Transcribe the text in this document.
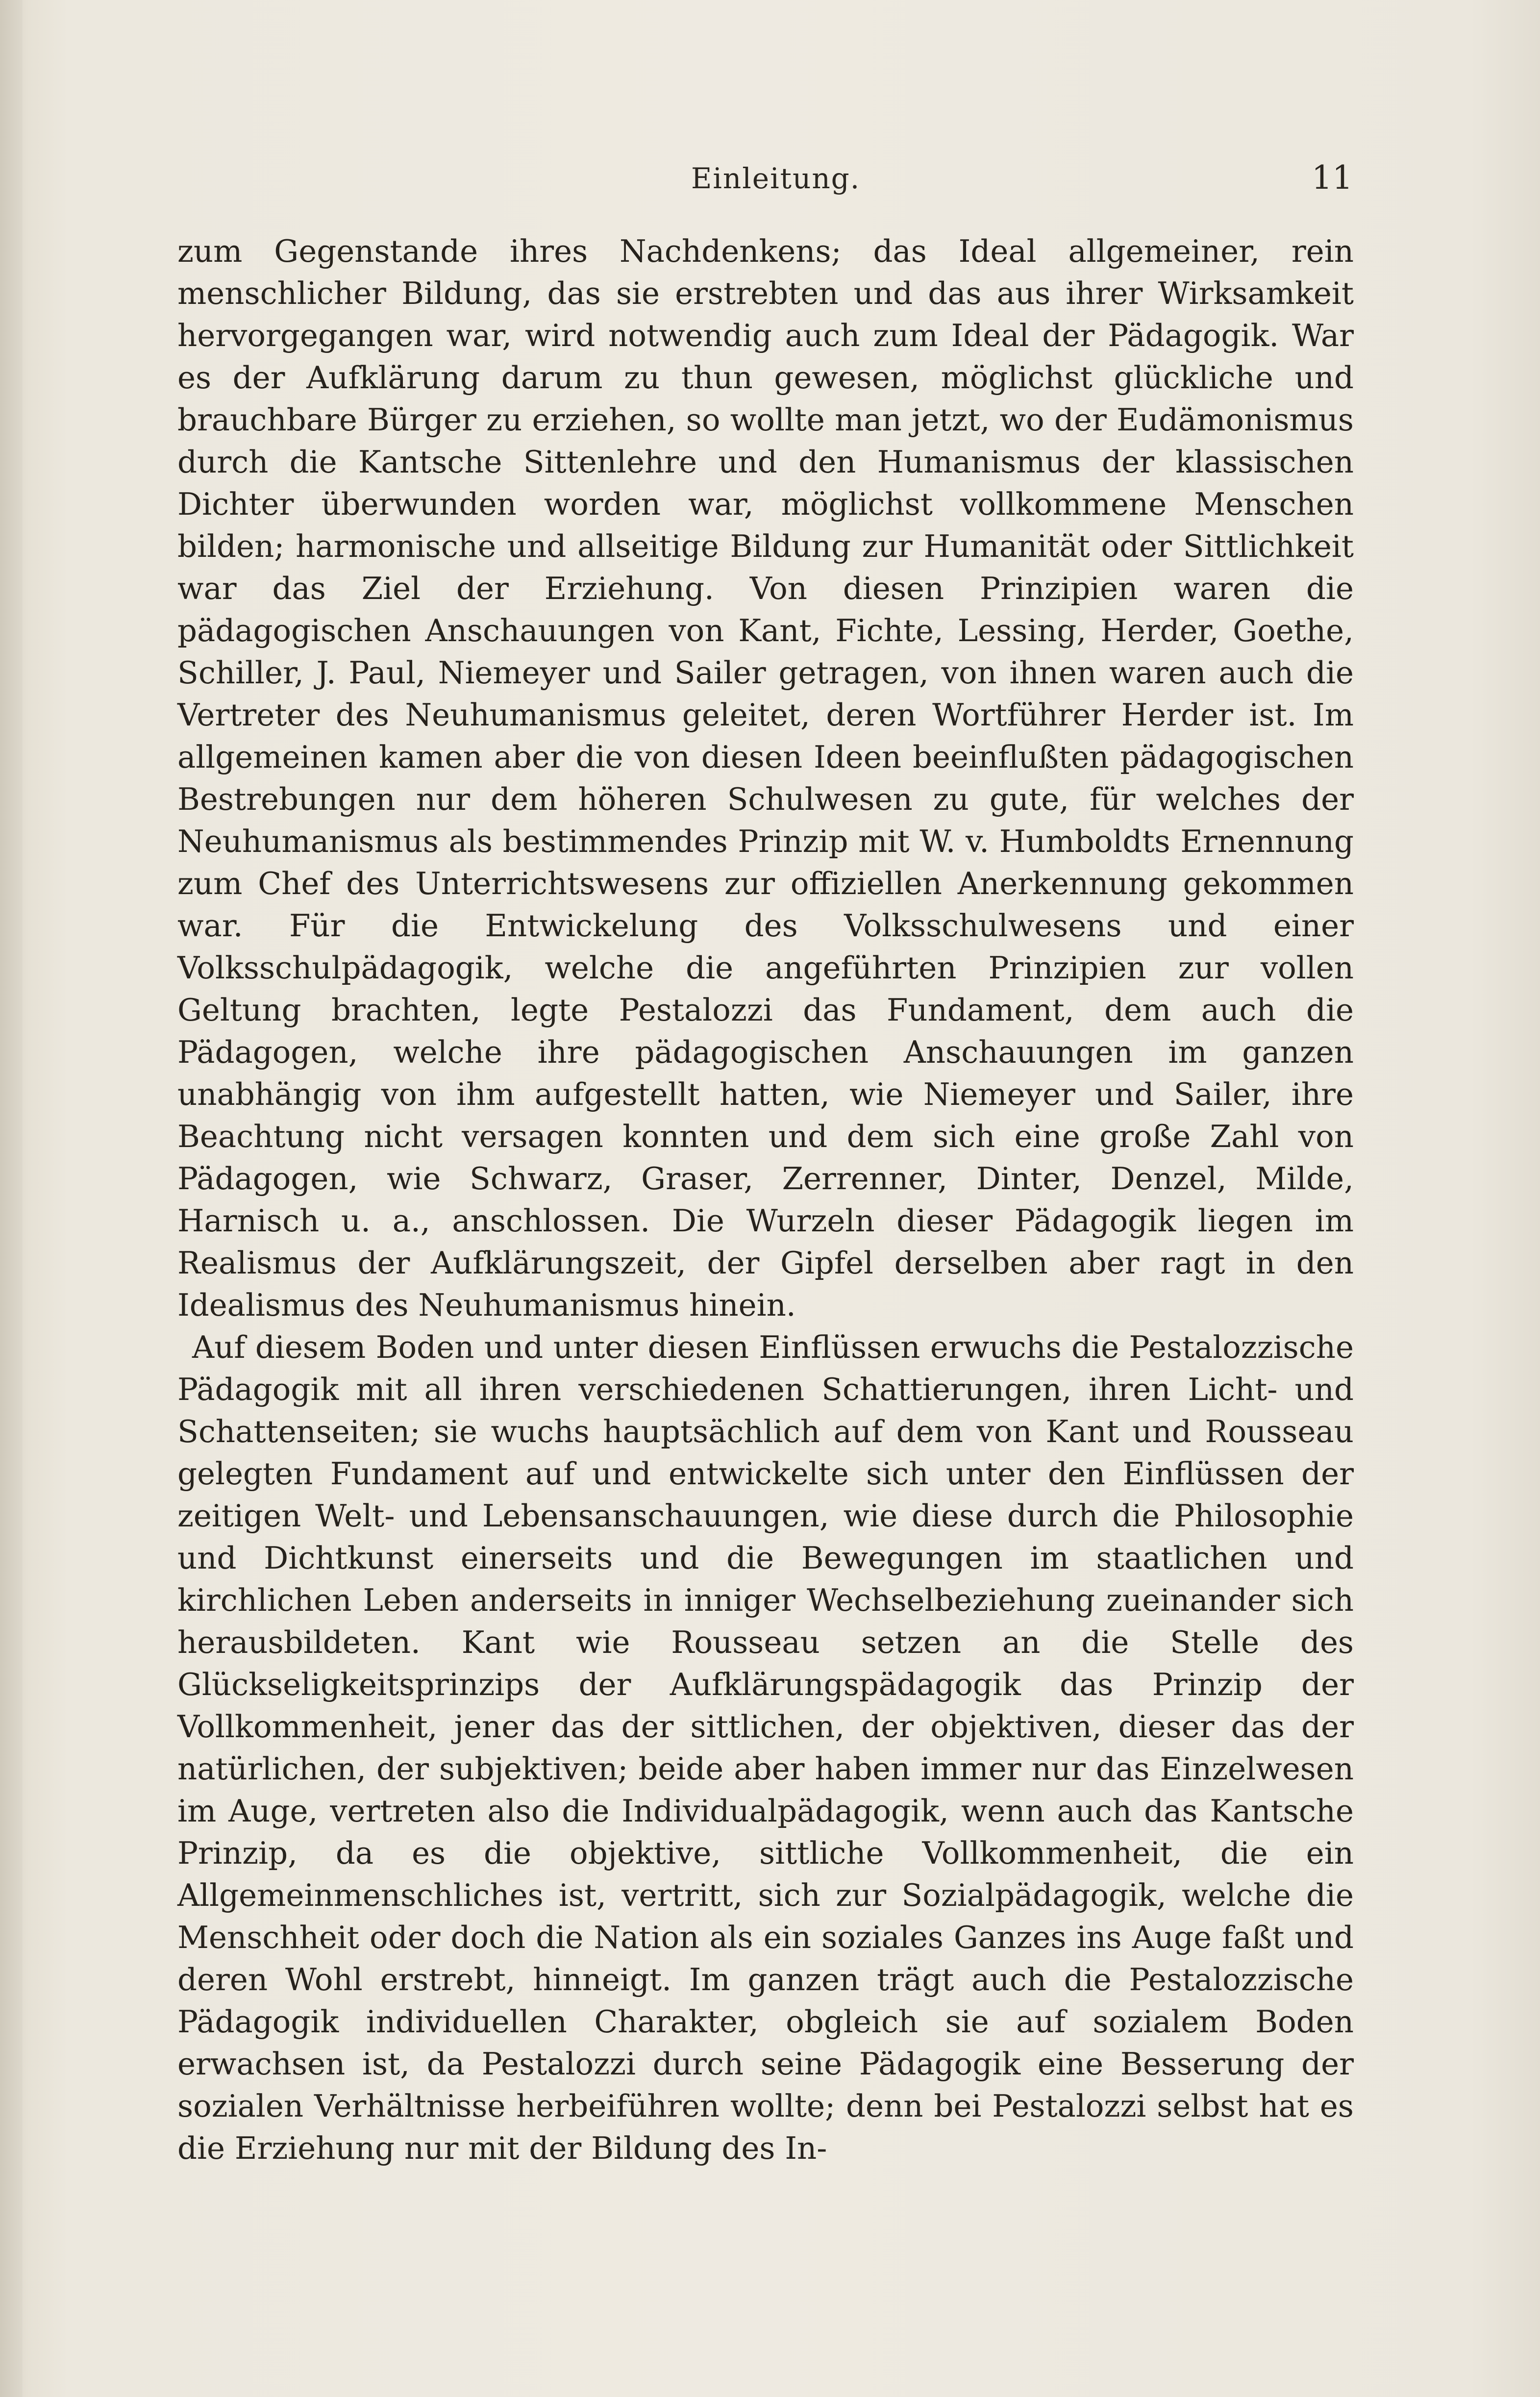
Einleitung.	11

zum Gegenstande ihres Nachdenkens; das Ideal allgemeiner, rein menschlicher Bildung, das sie erstrebten und das aus ihrer Wirksamkeit hervorgegangen war, wird notwendig auch zum Ideal der Pädagogik. War es der Aufklärung darum zu thun gewesen, möglichst glückliche und brauchbare Bürger zu erziehen, so wollte man jetzt, wo der Eudämonismus durch die Kantsche Sittenlehre und den Humanismus der klassischen Dichter überwunden worden war, möglichst vollkommene Menschen bilden; harmonische und allseitige Bildung zur Humanität oder Sittlichkeit war das Ziel der Erziehung. Von diesen Prinzipien waren die pädagogischen Anschauungen von Kant, Fichte, Lessing, Herder, Goethe, Schiller, J. Paul, Niemeyer und Sailer getragen, von ihnen waren auch die Vertreter des Neuhumanismus geleitet, deren Wortführer Herder ist. Im allgemeinen kamen aber die von diesen Ideen beeinflußten pädagogischen Bestrebungen nur dem höheren Schulwesen zu gute, für welches der Neuhumanismus als bestimmendes Prinzip mit W. v. Humboldts Ernennung zum Chef des Unterrichtswesens zur offiziellen Anerkennung gekommen war. Für die Entwickelung des Volksschulwesens und einer Volksschulpädagogik, welche die angeführten Prinzipien zur vollen Geltung brachten, legte Pestalozzi das Fundament, dem auch die Pädagogen, welche ihre pädagogischen Anschauungen im ganzen unabhängig von ihm aufgestellt hatten, wie Niemeyer und Sailer, ihre Beachtung nicht versagen konnten und dem sich eine große Zahl von Pädagogen, wie Schwarz, Graser, Zerrenner, Dinter, Denzel, Milde, Harnisch u. a., anschlossen. Die Wurzeln dieser Pädagogik liegen im Realismus der Aufklärungszeit, der Gipfel derselben aber ragt in den Idealismus des Neuhumanismus hinein.

Auf diesem Boden und unter diesen Einflüssen erwuchs die Pestalozzische Pädagogik mit all ihren verschiedenen Schattierungen, ihren Licht- und Schattenseiten; sie wuchs hauptsächlich auf dem von Kant und Rousseau gelegten Fundament auf und entwickelte sich unter den Einflüssen der zeitigen Welt- und Lebensanschauungen, wie diese durch die Philosophie und Dichtkunst einerseits und die Bewegungen im staatlichen und kirchlichen Leben anderseits in inniger Wechselbeziehung zueinander sich herausbildeten. Kant wie Rousseau setzen an die Stelle des Glückseligkeitsprinzips der Aufklärungspädagogik das Prinzip der Vollkommenheit, jener das der sittlichen, der objektiven, dieser das der natürlichen, der subjektiven; beide aber haben immer nur das Einzelwesen im Auge, vertreten also die Individualpädagogik, wenn auch das Kantsche Prinzip, da es die objektive, sittliche Vollkommenheit, die ein Allgemeinmenschliches ist, vertritt, sich zur Sozialpädagogik, welche die Menschheit oder doch die Nation als ein soziales Ganzes ins Auge faßt und deren Wohl erstrebt, hinneigt. Im ganzen trägt auch die Pestalozzische Pädagogik individuellen Charakter, obgleich sie auf sozialem Boden erwachsen ist, da Pestalozzi durch seine Pädagogik eine Besserung der sozialen Verhältnisse herbeiführen wollte; denn bei Pestalozzi selbst hat es die Erziehung nur mit der Bildung des In-
